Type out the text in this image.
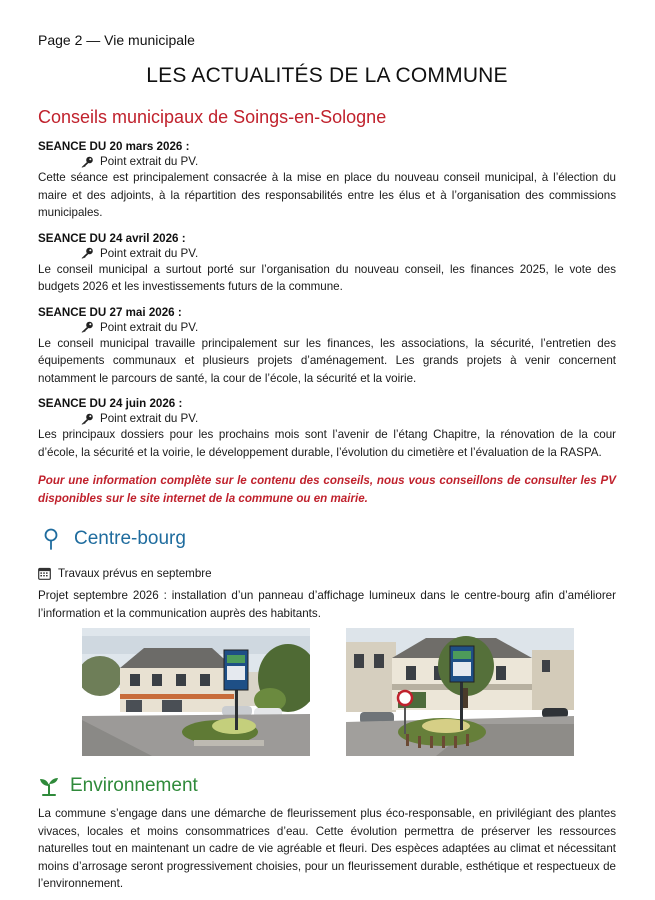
Page 2 — Vie municipale
LES ACTUALITÉS DE LA COMMUNE
Conseils municipaux de Soings-en-Sologne
SEANCE DU 20 mars 2026 :
Point extrait du PV.

Cette séance est principalement consacrée à la mise en place du nouveau conseil municipal, à l’élection du maire et des adjoints, à la répartition des responsabilités entre les élus et à l’organisation des commissions municipales.

SEANCE DU 24 avril 2026 :
Point extrait du PV.

Le conseil municipal a surtout porté sur l’organisation du nouveau conseil, les finances 2025, le vote des budgets 2026 et les investissements futurs de la commune.

SEANCE DU 27 mai 2026 :
Point extrait du PV.

Le conseil municipal travaille principalement sur les finances, les associations, la sécurité, l’entretien des équipements communaux et plusieurs projets d’aménagement. Les grands projets à venir concernent notamment le parcours de santé, la cour de l’école, la sécurité et la voirie.

SEANCE DU 24 juin 2026 :
Point extrait du PV.

Les principaux dossiers pour les prochains mois sont l’avenir de l’étang Chapitre, la rénovation de la cour d’école, la sécurité et la voirie, le développement durable, l’évolution du cimetière et l’évaluation de la RASPA.

Pour une information complète sur le contenu des conseils, nous vous conseillons de consulter les PV disponibles sur le site internet de la commune ou en mairie.

Centre-bourg
Travaux prévus en septembre

Projet septembre 2026 : installation d’un panneau d’affichage lumineux dans le centre-bourg afin d’améliorer l’information et la communication auprès des habitants.

Environnement

La commune s’engage dans une démarche de fleurissement plus éco-responsable, en privilégiant des plantes vivaces, locales et moins consommatrices d’eau. Cette évolution permettra de préserver les ressources naturelles tout en maintenant un cadre de vie agréable et fleuri. Des espèces adaptées au climat et nécessitant moins d’arrosage seront progressivement choisies, pour un fleurissement durable, esthétique et respectueux de l’environnement.
